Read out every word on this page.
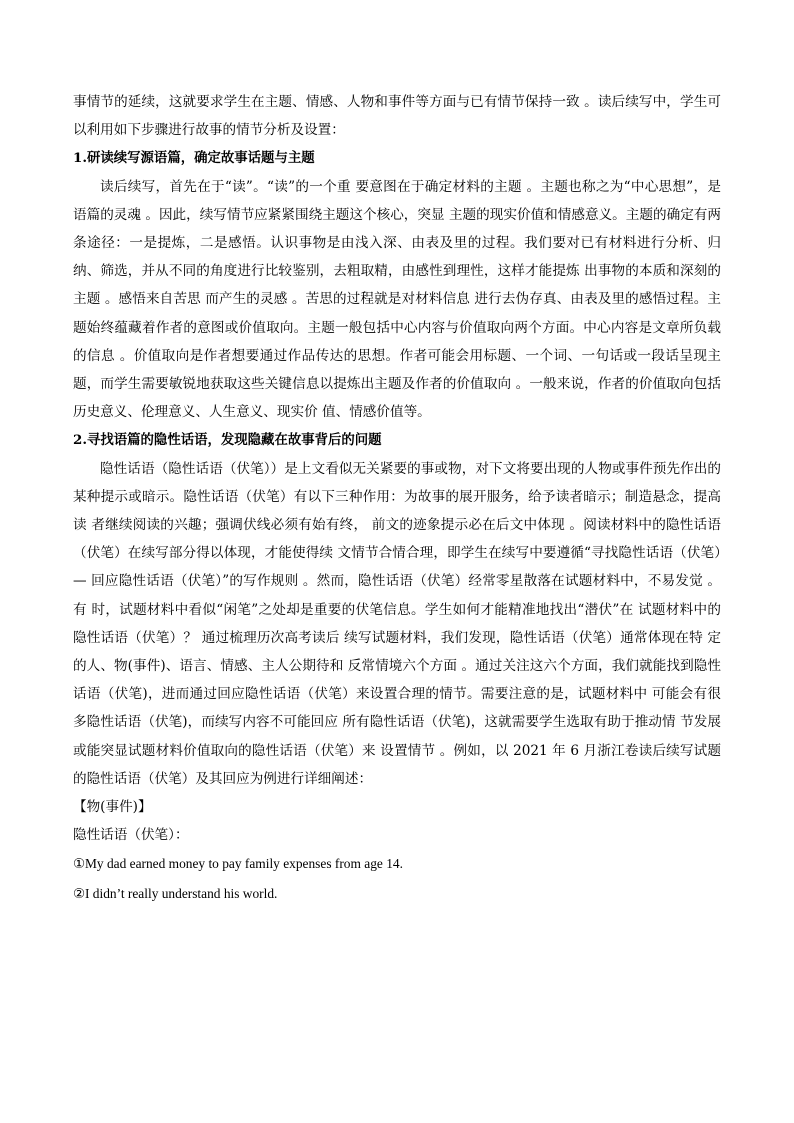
事情节的延续，这就要求学生在主题、情感、人物和事件等方面与已有情节保持一致 。读后续写中，学生可以利用如下步骤进行故事的情节分析及设置：

1.研读续写源语篇，确定故事话题与主题

读后续写，首先在于“读”。“读”的一个重 要意图在于确定材料的主题 。主题也称之为“中心思想”，是语篇的灵魂 。因此，续写情节应紧紧围绕主题这个核心，突显 主题的现实价值和情感意义。主题的确定有两条途径：一是提炼，二是感悟。认识事物是由浅入深、由表及里的过程。我们要对已有材料进行分析、归纳、筛选，并从不同的角度进行比较鉴别，去粗取精，由感性到理性，这样才能提炼 出事物的本质和深刻的主题 。感悟来自苦思 而产生的灵感 。苦思的过程就是对材料信息 进行去伪存真、由表及里的感悟过程。主题始终蕴藏着作者的意图或价值取向。主题一般包括中心内容与价值取向两个方面。中心内容是文章所负载的信息 。价值取向是作者想要通过作品传达的思想。作者可能会用标题、一个词、一句话或一段话呈现主题，而学生需要敏锐地获取这些关键信息以提炼出主题及作者的价值取向 。一般来说，作者的价值取向包括历史意义、伦理意义、人生意义、现实价 值、情感价值等。

2.寻找语篇的隐性话语，发现隐藏在故事背后的问题

隐性话语（隐性话语（伏笔））是上文看似无关紧要的事或物，对下文将要出现的人物或事件预先作出的某种提示或暗示。隐性话语（伏笔）有以下三种作用：为故事的展开服务，给予读者暗示；制造悬念，提高读 者继续阅读的兴趣；强调伏线必须有始有终， 前文的迹象提示必在后文中体现 。阅读材料中的隐性话语（伏笔）在续写部分得以体现，才能使得续 文情节合情合理，即学生在续写中要遵循“寻找隐性话语（伏笔）— 回应隐性话语（伏笔）”的写作规则 。然而，隐性话语（伏笔）经常零星散落在试题材料中，不易发觉 。有 时，试题材料中看似“闲笔”之处却是重要的伏笔信息。学生如何才能精准地找出“潜伏”在 试题材料中的隐性话语（伏笔）？ 通过梳理历次高考读后 续写试题材料，我们发现，隐性话语（伏笔）通常体现在特 定的人、物(事件)、语言、情感、主人公期待和 反常情境六个方面 。通过关注这六个方面，我们就能找到隐性话语（伏笔)，进而通过回应隐性话语（伏笔）来设置合理的情节。需要注意的是，试题材料中 可能会有很多隐性话语（伏笔)，而续写内容不可能回应 所有隐性话语（伏笔)，这就需要学生选取有助于推动情 节发展或能突显试题材料价值取向的隐性话语（伏笔）来 设置情节 。例如，以 2021 年 6 月浙江卷读后续写试题的隐性话语（伏笔）及其回应为例进行详细阐述：

【物(事件)】

隐性话语（伏笔）：

①My dad earned money to pay family expenses from age 14.

②I didn’t really understand his world.
